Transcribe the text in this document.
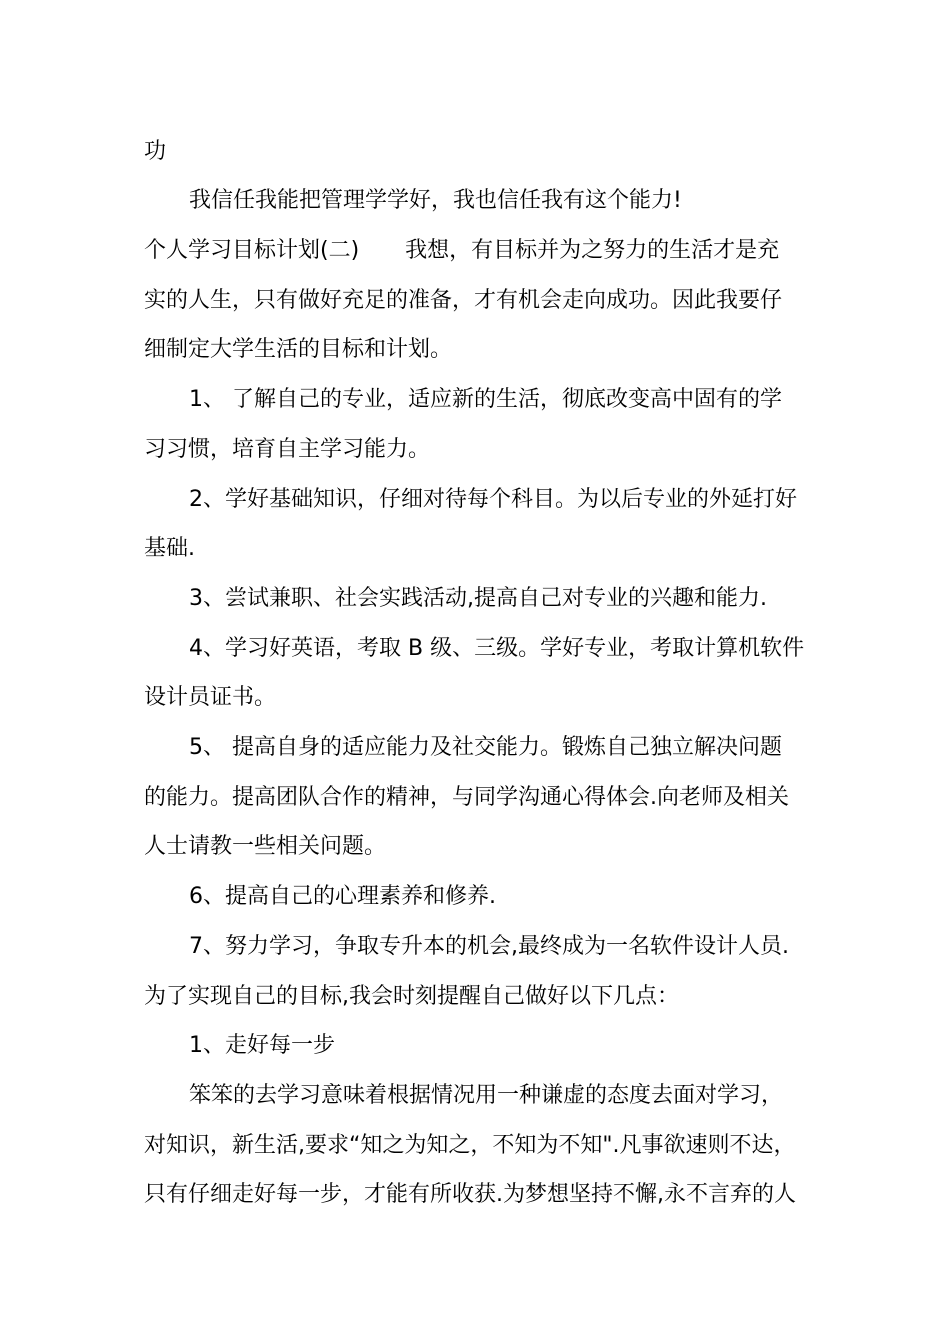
功
我信任我能把管理学学好，我也信任我有这个能力!
个人学习目标计划(二) 我想，有目标并为之努力的生活才是充
实的人生，只有做好充足的准备，才有机会走向成功。因此我要仔
细制定大学生活的目标和计划。
1、 了解自己的专业，适应新的生活，彻底改变高中固有的学
习习惯，培育自主学习能力。
2、学好基础知识，仔细对待每个科目。为以后专业的外延打好
基础.
3、尝试兼职、社会实践活动,提高自己对专业的兴趣和能力.
4、学习好英语，考取 B 级、三级。学好专业，考取计算机软件
设计员证书。
5、 提高自身的适应能力及社交能力。锻炼自己独立解决问题
的能力。提高团队合作的精神，与同学沟通心得体会.向老师及相关
人士请教一些相关问题。
6、提高自己的心理素养和修养.
7、努力学习，争取专升本的机会,最终成为一名软件设计人员.
为了实现自己的目标,我会时刻提醒自己做好以下几点：
1、走好每一步
笨笨的去学习意味着根据情况用一种谦虚的态度去面对学习，
对知识，新生活,要求“知之为知之，不知为不知".凡事欲速则不达，
只有仔细走好每一步，才能有所收获.为梦想坚持不懈,永不言弃的人
